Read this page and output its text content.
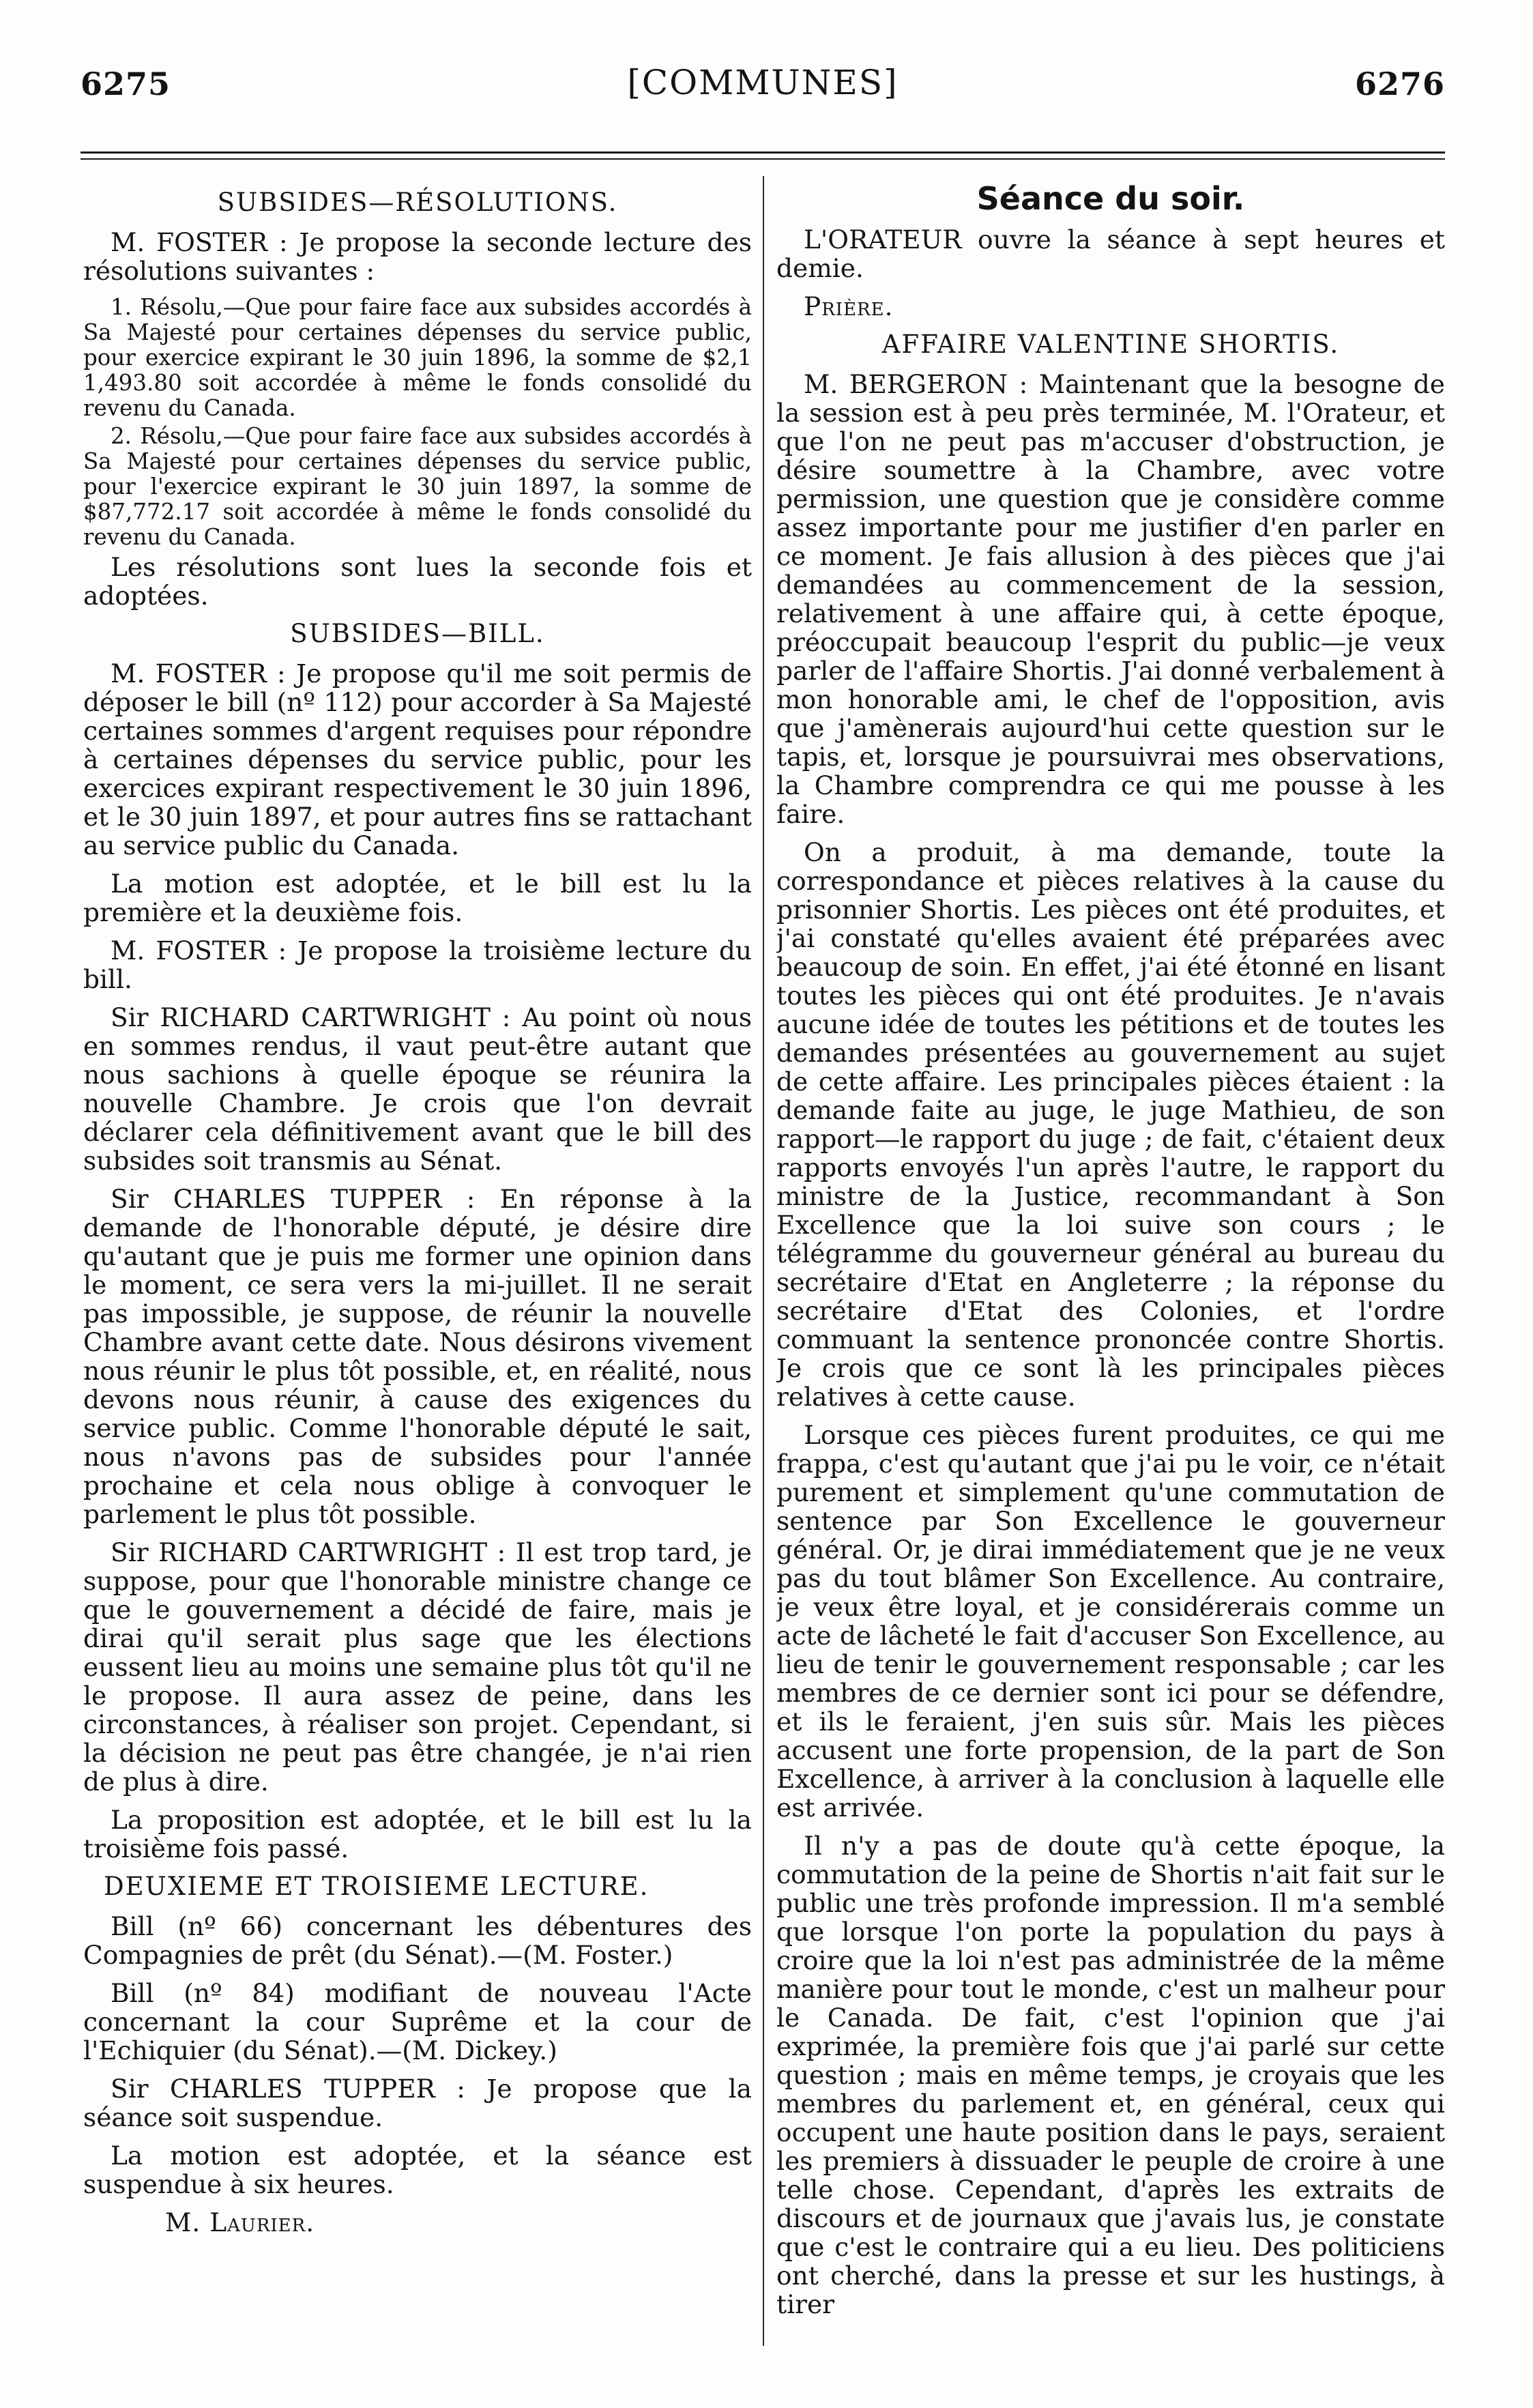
6275	[COMMUNES]	6276
SUBSIDES—RÉSOLUTIONS.

M. FOSTER : Je propose la seconde lecture des résolutions suivantes :

1. Résolu,—Que pour faire face aux subsides accordés à Sa Majesté pour certaines dépenses du service public, pour exercice expirant le 30 juin 1896, la somme de $2,1 1,493.80 soit accordée à même le fonds consolidé du revenu du Canada.

2. Résolu,—Que pour faire face aux subsides accordés à Sa Majesté pour certaines dépenses du service public, pour l'exercice expirant le 30 juin 1897, la somme de $87,772.17 soit accordée à même le fonds consolidé du revenu du Canada.

Les résolutions sont lues la seconde fois et adoptées.

SUBSIDES—BILL.

M. FOSTER : Je propose qu'il me soit permis de déposer le bill (nº 112) pour accorder à Sa Majesté certaines sommes d'argent requises pour répondre à certaines dépenses du service public, pour les exercices expirant respectivement le 30 juin 1896, et le 30 juin 1897, et pour autres fins se rattachant au service public du Canada.

La motion est adoptée, et le bill est lu la première et la deuxième fois.

M. FOSTER : Je propose la troisième lecture du bill.

Sir RICHARD CARTWRIGHT : Au point où nous en sommes rendus, il vaut peut-être autant que nous sachions à quelle époque se réunira la nouvelle Chambre. Je crois que l'on devrait déclarer cela définitivement avant que le bill des subsides soit transmis au Sénat.

Sir CHARLES TUPPER : En réponse à la demande de l'honorable député, je désire dire qu'autant que je puis me former une opinion dans le moment, ce sera vers la mi-juillet. Il ne serait pas impossible, je suppose, de réunir la nouvelle Chambre avant cette date. Nous désirons vivement nous réunir le plus tôt possible, et, en réalité, nous devons nous réunir, à cause des exigences du service public. Comme l'honorable député le sait, nous n'avons pas de subsides pour l'année prochaine et cela nous oblige à convoquer le parlement le plus tôt possible.

Sir RICHARD CARTWRIGHT : Il est trop tard, je suppose, pour que l'honorable ministre change ce que le gouvernement a décidé de faire, mais je dirai qu'il serait plus sage que les élections eussent lieu au moins une semaine plus tôt qu'il ne le propose. Il aura assez de peine, dans les circonstances, à réaliser son projet. Cependant, si la décision ne peut pas être changée, je n'ai rien de plus à dire.

La proposition est adoptée, et le bill est lu la troisième fois passé.

DEUXIEME ET TROISIEME LECTURE.

Bill (nº 66) concernant les débentures des Compagnies de prêt (du Sénat).—(M. Foster.)

Bill (nº 84) modifiant de nouveau l'Acte concernant la cour Suprême et la cour de l'Echiquier (du Sénat).—(M. Dickey.)

Sir CHARLES TUPPER : Je propose que la séance soit suspendue.

La motion est adoptée, et la séance est suspendue à six heures.

M. Laurier.

Séance du soir.

L'ORATEUR ouvre la séance à sept heures et demie.

Prière.

AFFAIRE VALENTINE SHORTIS.

M. BERGERON : Maintenant que la besogne de la session est à peu près terminée, M. l'Orateur, et que l'on ne peut pas m'accuser d'obstruction, je désire soumettre à la Chambre, avec votre permission, une question que je considère comme assez importante pour me justifier d'en parler en ce moment. Je fais allusion à des pièces que j'ai demandées au commencement de la session, relativement à une affaire qui, à cette époque, préoccupait beaucoup l'esprit du public—je veux parler de l'affaire Shortis. J'ai donné verbalement à mon honorable ami, le chef de l'opposition, avis que j'amènerais aujourd'hui cette question sur le tapis, et, lorsque je poursuivrai mes observations, la Chambre comprendra ce qui me pousse à les faire.

On a produit, à ma demande, toute la correspondance et pièces relatives à la cause du prisonnier Shortis. Les pièces ont été produites, et j'ai constaté qu'elles avaient été préparées avec beaucoup de soin. En effet, j'ai été étonné en lisant toutes les pièces qui ont été produites. Je n'avais aucune idée de toutes les pétitions et de toutes les demandes présentées au gouvernement au sujet de cette affaire. Les principales pièces étaient : la demande faite au juge, le juge Mathieu, de son rapport—le rapport du juge ; de fait, c'étaient deux rapports envoyés l'un après l'autre, le rapport du ministre de la Justice, recommandant à Son Excellence que la loi suive son cours ; le télégramme du gouverneur général au bureau du secrétaire d'Etat en Angleterre ; la réponse du secrétaire d'Etat des Colonies, et l'ordre commuant la sentence prononcée contre Shortis. Je crois que ce sont là les principales pièces relatives à cette cause.

Lorsque ces pièces furent produites, ce qui me frappa, c'est qu'autant que j'ai pu le voir, ce n'était purement et simplement qu'une commutation de sentence par Son Excellence le gouverneur général. Or, je dirai immédiatement que je ne veux pas du tout blâmer Son Excellence. Au contraire, je veux être loyal, et je considérerais comme un acte de lâcheté le fait d'accuser Son Excellence, au lieu de tenir le gouvernement responsable ; car les membres de ce dernier sont ici pour se défendre, et ils le feraient, j'en suis sûr. Mais les pièces accusent une forte propension, de la part de Son Excellence, à arriver à la conclusion à laquelle elle est arrivée.

Il n'y a pas de doute qu'à cette époque, la commutation de la peine de Shortis n'ait fait sur le public une très profonde impression. Il m'a semblé que lorsque l'on porte la population du pays à croire que la loi n'est pas administrée de la même manière pour tout le monde, c'est un malheur pour le Canada. De fait, c'est l'opinion que j'ai exprimée, la première fois que j'ai parlé sur cette question ; mais en même temps, je croyais que les membres du parlement et, en général, ceux qui occupent une haute position dans le pays, seraient les premiers à dissuader le peuple de croire à une telle chose. Cependant, d'après les extraits de discours et de journaux que j'avais lus, je constate que c'est le contraire qui a eu lieu. Des politiciens ont cherché, dans la presse et sur les hustings, à tirer
